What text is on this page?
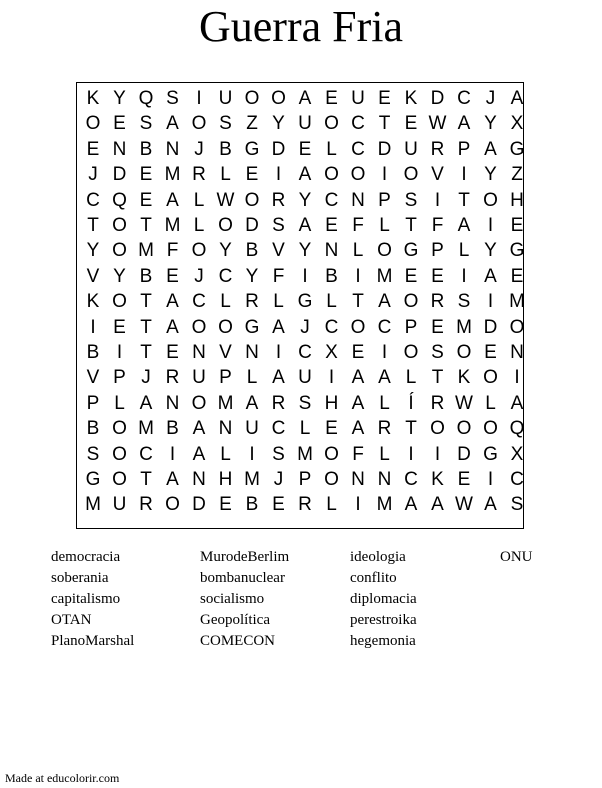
Guerra Fria
K Y Q S I U O O A E U E K D C J A
O E S A O S Z Y U O C T E W A Y X
E N B N J B G D E L C D U R P A G
J D E M R L E I A O O I O V I Y Z
C Q E A L W O R Y C N P S I T O H
T O T M L O D S A E F L T F A I E
Y O M F O Y B V Y N L O G P L Y G
V Y B E J C Y F I B I M E E I A E
K O T A C L R L G L T A O R S I M
I E T A O O G A J C O C P E M D O
B I T E N V N I C X E I O S O E N
V P J R U P L A U I A A L T K O I
P L A N O M A R S H A L Í R W L A
B O M B A N U C L E A R T O O O Q
S O C I A L I S M O F L I	I D G X
G O T A N H M J P O N N C K E I C
M U R O D E B E R L I M A A W A S
democracia
soberania
capitalismo
OTAN
PlanoMarshal
MurodeBerlim
bombanuclear
socialismo
Geopolítica
COMECON
ideologia
conflito
diplomacia
perestroika
hegemonia
ONU
Made at educolorir.com
